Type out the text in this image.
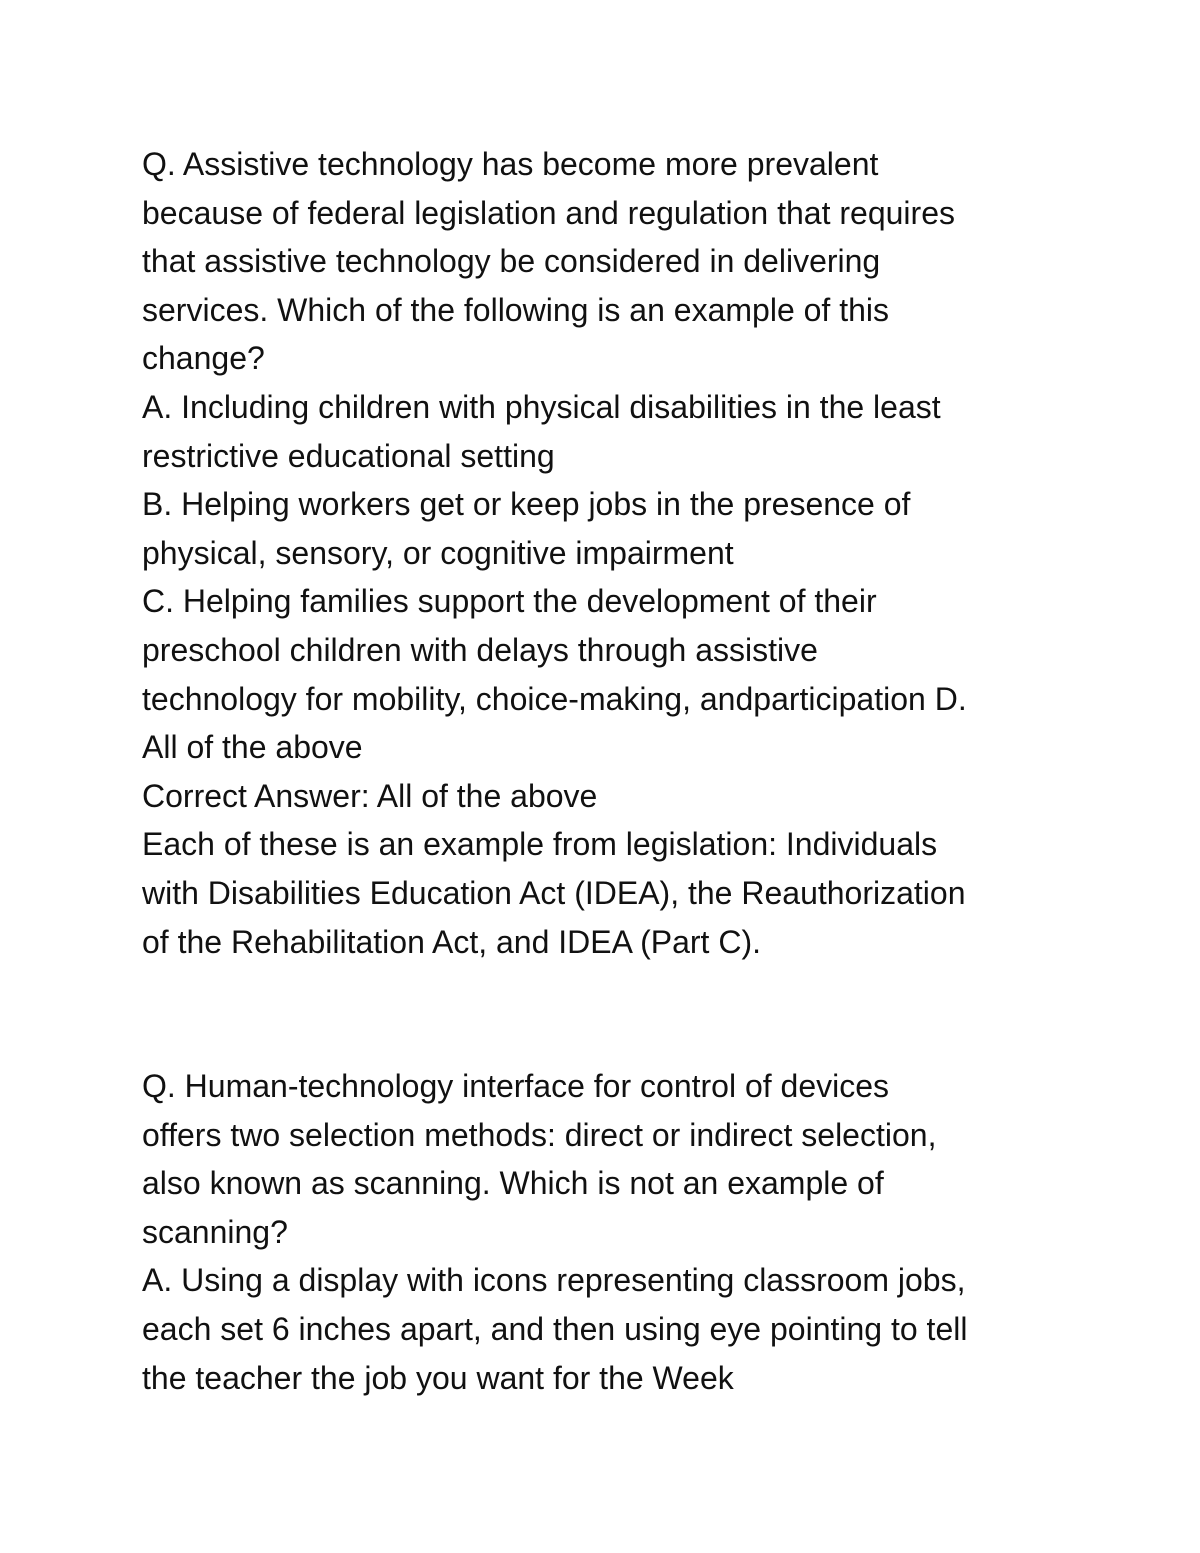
Q. Assistive technology has become more prevalent
because of federal legislation and regulation that requires
that assistive technology be considered in delivering
services. Which of the following is an example of this
change?
A. Including children with physical disabilities in the least
restrictive educational setting
B. Helping workers get or keep jobs in the presence of
physical, sensory, or cognitive impairment
C. Helping families support the development of their
preschool children with delays through assistive
technology for mobility, choice-making, andparticipation D.
All of the above
Correct Answer: All of the above
Each of these is an example from legislation: Individuals
with Disabilities Education Act (IDEA), the Reauthorization
of the Rehabilitation Act, and IDEA (Part C).
Q. Human-technology interface for control of devices
offers two selection methods: direct or indirect selection,
also known as scanning. Which is not an example of
scanning?
A. Using a display with icons representing classroom jobs,
each set 6 inches apart, and then using eye pointing to tell
the teacher the job you want for the Week
